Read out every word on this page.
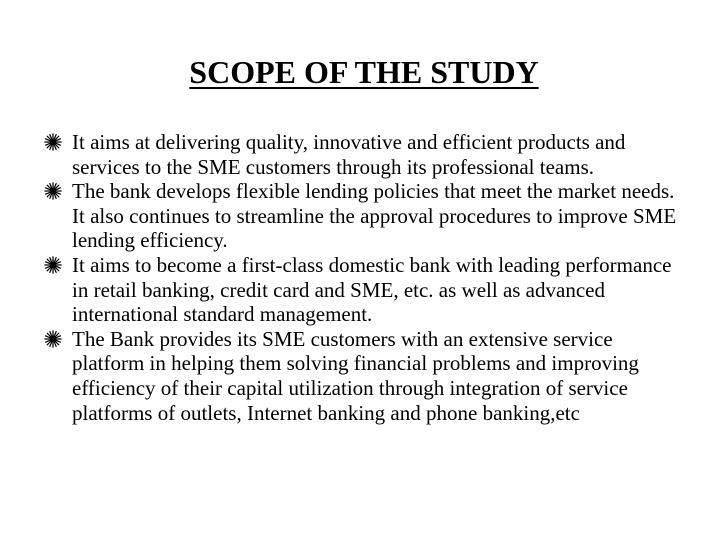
SCOPE OF THE STUDY
It aims at delivering quality, innovative and efficient products and services to the SME customers through its professional teams.
The bank develops flexible lending policies that meet the market needs. It also continues to streamline the approval procedures to improve SME lending efficiency.
It aims to become a first-class domestic bank with leading performance in retail banking, credit card and SME, etc. as well as advanced international standard management.
The Bank provides its SME customers with an extensive service platform in helping them solving financial problems and improving efficiency of their capital utilization through integration of service platforms of outlets, Internet banking and phone banking,etc
